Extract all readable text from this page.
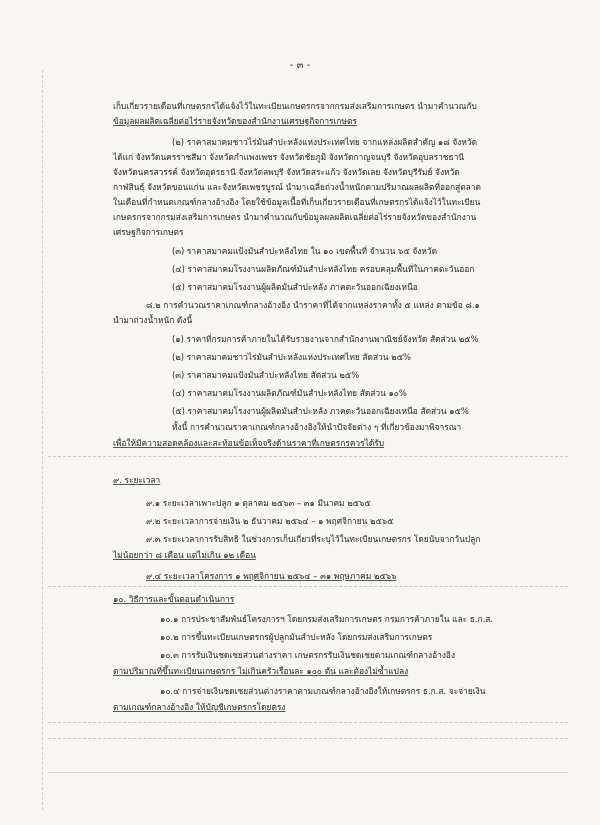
- ๓ -
เก็บเกี่ยวรายเดือนที่เกษตรกรได้แจ้งไว้ในทะเบียนเกษตรกรจากกรมส่งเสริมการเกษตร นำมาคำนวณกับ
ข้อมูลผลผลิตเฉลี่ยต่อไร่รายจังหวัดของสำนักงานเศรษฐกิจการเกษตร
(๒) ราคาสมาคมชาวไร่มันสำปะหลังแห่งประเทศไทย จากแหล่งผลิตสำคัญ ๑๘ จังหวัด
ได้แก่ จังหวัดนครราชสีมา จังหวัดกำแพงเพชร จังหวัดชัยภูมิ จังหวัดกาญจนบุรี จังหวัดอุบลราชธานี
จังหวัดนครสวรรค์ จังหวัดอุดรธานี จังหวัดลพบุรี จังหวัดสระแก้ว จังหวัดเลย จังหวัดบุรีรัมย์ จังหวัด
กาฬสินธุ์ จังหวัดขอนแก่น และจังหวัดเพชรบูรณ์ นำมาเฉลี่ยถ่วงน้ำหนักตามปริมาณผลผลิตที่ออกสู่ตลาด
ในเดือนที่กำหนดเกณฑ์กลางอ้างอิง โดยใช้ข้อมูลเนื้อที่เก็บเกี่ยวรายเดือนที่เกษตรกรได้แจ้งไว้ในทะเบียน
เกษตรกรจากกรมส่งเสริมการเกษตร นำมาคำนวณกับข้อมูลผลผลิตเฉลี่ยต่อไร่รายจังหวัดของสำนักงาน
เศรษฐกิจการเกษตร
(๓) ราคาสมาคมแป้งมันสำปะหลังไทย ใน ๑๐ เขตพื้นที่ จำนวน ๖๕ จังหวัด
(๔) ราคาสมาคมโรงงานผลิตภัณฑ์มันสำปะหลังไทย ครอบคลุมพื้นที่ในภาคตะวันออก
(๕) ราคาสมาคมโรงงานผู้ผลิตมันสำปะหลัง ภาคตะวันออกเฉียงเหนือ
๘.๒ การคำนวณราคาเกณฑ์กลางอ้างอิง นำราคาที่ได้จากแหล่งราคาทั้ง ๕ แหล่ง ตามข้อ ๘.๑
นำมาถ่วงน้ำหนัก ดังนี้
(๑) ราคาที่กรมการค้าภายในได้รับรายงานจากสำนักงานพาณิชย์จังหวัด สัดส่วน ๒๕%
(๒) ราคาสมาคมชาวไร่มันสำปะหลังแห่งประเทศไทย สัดส่วน ๒๕%
(๓) ราคาสมาคมแป้งมันสำปะหลังไทย สัดส่วน ๒๕%
(๔) ราคาสมาคมโรงงานผลิตภัณฑ์มันสำปะหลังไทย สัดส่วน ๑๐%
(๕) ราคาสมาคมโรงงานผู้ผลิตมันสำปะหลัง ภาคตะวันออกเฉียงเหนือ สัดส่วน ๑๕%
ทั้งนี้ การคำนวณราคาเกณฑ์กลางอ้างอิงให้นำปัจจัยต่าง ๆ ที่เกี่ยวข้องมาพิจารณา
เพื่อให้มีความสอดคล้องและสะท้อนข้อเท็จจริงด้านราคาที่เกษตรกรควรได้รับ
๙. ระยะเวลา
๙.๑ ระยะเวลาเพาะปลูก ๑ ตุลาคม ๒๕๖๓ – ๓๑ มีนาคม ๒๕๖๕
๙.๒ ระยะเวลาการจ่ายเงิน ๒ ธันวาคม ๒๕๖๔ – ๑ พฤศจิกายน ๒๕๖๕
๙.๓ ระยะเวลาการรับสิทธิ ในช่วงการเก็บเกี่ยวที่ระบุไว้ในทะเบียนเกษตรกร โดยนับจากวันปลูก
ไม่น้อยกว่า ๘ เดือน แต่ไม่เกิน ๑๒ เดือน
๙.๔ ระยะเวลาโครงการ ๑ พฤศจิกายน ๒๕๖๔ – ๓๑ พฤษภาคม ๒๕๖๖
๑๐. วิธีการและขั้นตอนดำเนินการ
๑๐.๑ การประชาสัมพันธ์โครงการฯ โดยกรมส่งเสริมการเกษตร กรมการค้าภายใน และ ธ.ก.ส.
๑๐.๒ การขึ้นทะเบียนเกษตรกรผู้ปลูกมันสำปะหลัง โดยกรมส่งเสริมการเกษตร
๑๐.๓ การรับเงินชดเชยส่วนต่างราคา เกษตรกรรับเงินชดเชยตามเกณฑ์กลางอ้างอิง
ตามปริมาณที่ขึ้นทะเบียนเกษตรกร ไม่เกินครัวเรือนละ ๑๐๐ ตัน และต้องไม่ซ้ำแปลง
๑๐.๔ การจ่ายเงินชดเชยส่วนต่างราคาตามเกณฑ์กลางอ้างอิงให้เกษตรกร ธ.ก.ส. จะจ่ายเงิน
ตามเกณฑ์กลางอ้างอิง ให้บัญชีเกษตรกรโดยตรง
